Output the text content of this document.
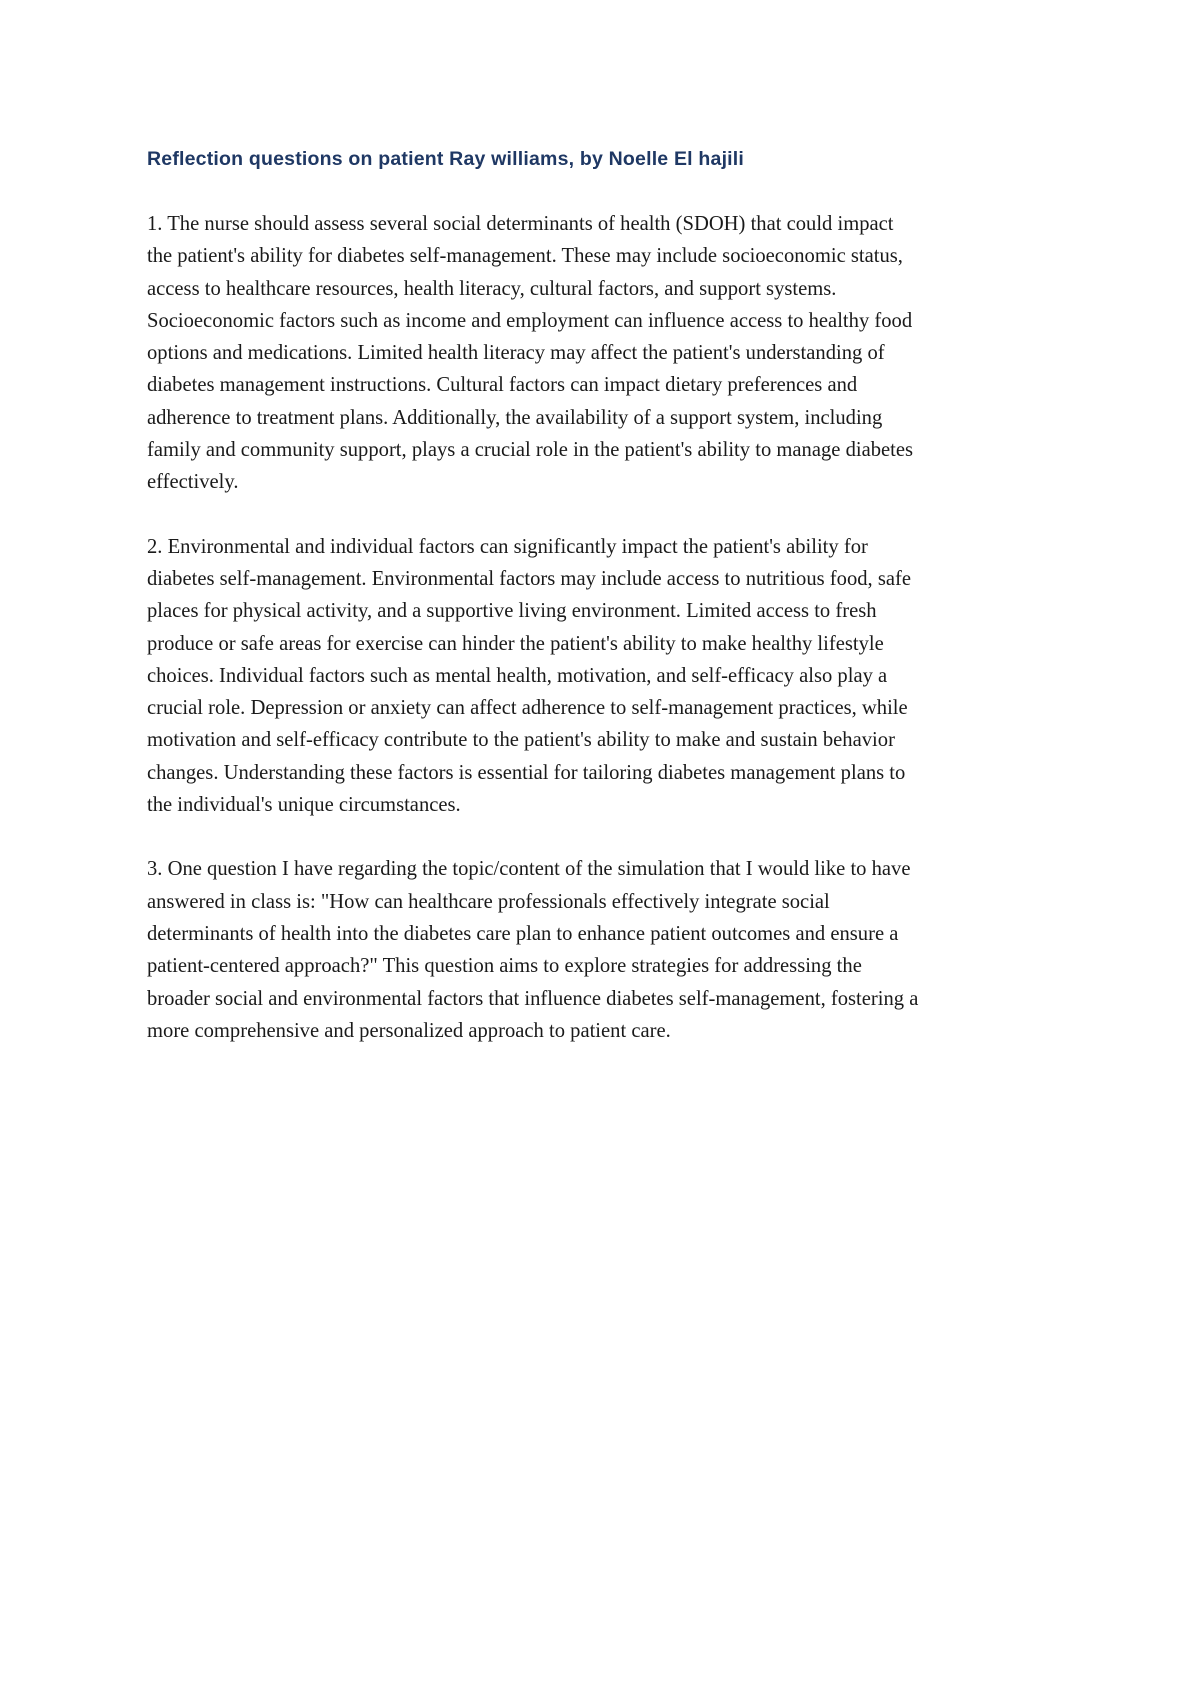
Reflection questions on patient Ray williams, by Noelle El hajili

1. The nurse should assess several social determinants of health (SDOH) that could impact
the patient's ability for diabetes self-management. These may include socioeconomic status,
access to healthcare resources, health literacy, cultural factors, and support systems.
Socioeconomic factors such as income and employment can influence access to healthy food
options and medications. Limited health literacy may affect the patient's understanding of
diabetes management instructions. Cultural factors can impact dietary preferences and
adherence to treatment plans. Additionally, the availability of a support system, including
family and community support, plays a crucial role in the patient's ability to manage diabetes
effectively.

2. Environmental and individual factors can significantly impact the patient's ability for
diabetes self-management. Environmental factors may include access to nutritious food, safe
places for physical activity, and a supportive living environment. Limited access to fresh
produce or safe areas for exercise can hinder the patient's ability to make healthy lifestyle
choices. Individual factors such as mental health, motivation, and self-efficacy also play a
crucial role. Depression or anxiety can affect adherence to self-management practices, while
motivation and self-efficacy contribute to the patient's ability to make and sustain behavior
changes. Understanding these factors is essential for tailoring diabetes management plans to
the individual's unique circumstances.

3. One question I have regarding the topic/content of the simulation that I would like to have
answered in class is: "How can healthcare professionals effectively integrate social
determinants of health into the diabetes care plan to enhance patient outcomes and ensure a
patient-centered approach?" This question aims to explore strategies for addressing the
broader social and environmental factors that influence diabetes self-management, fostering a
more comprehensive and personalized approach to patient care.
